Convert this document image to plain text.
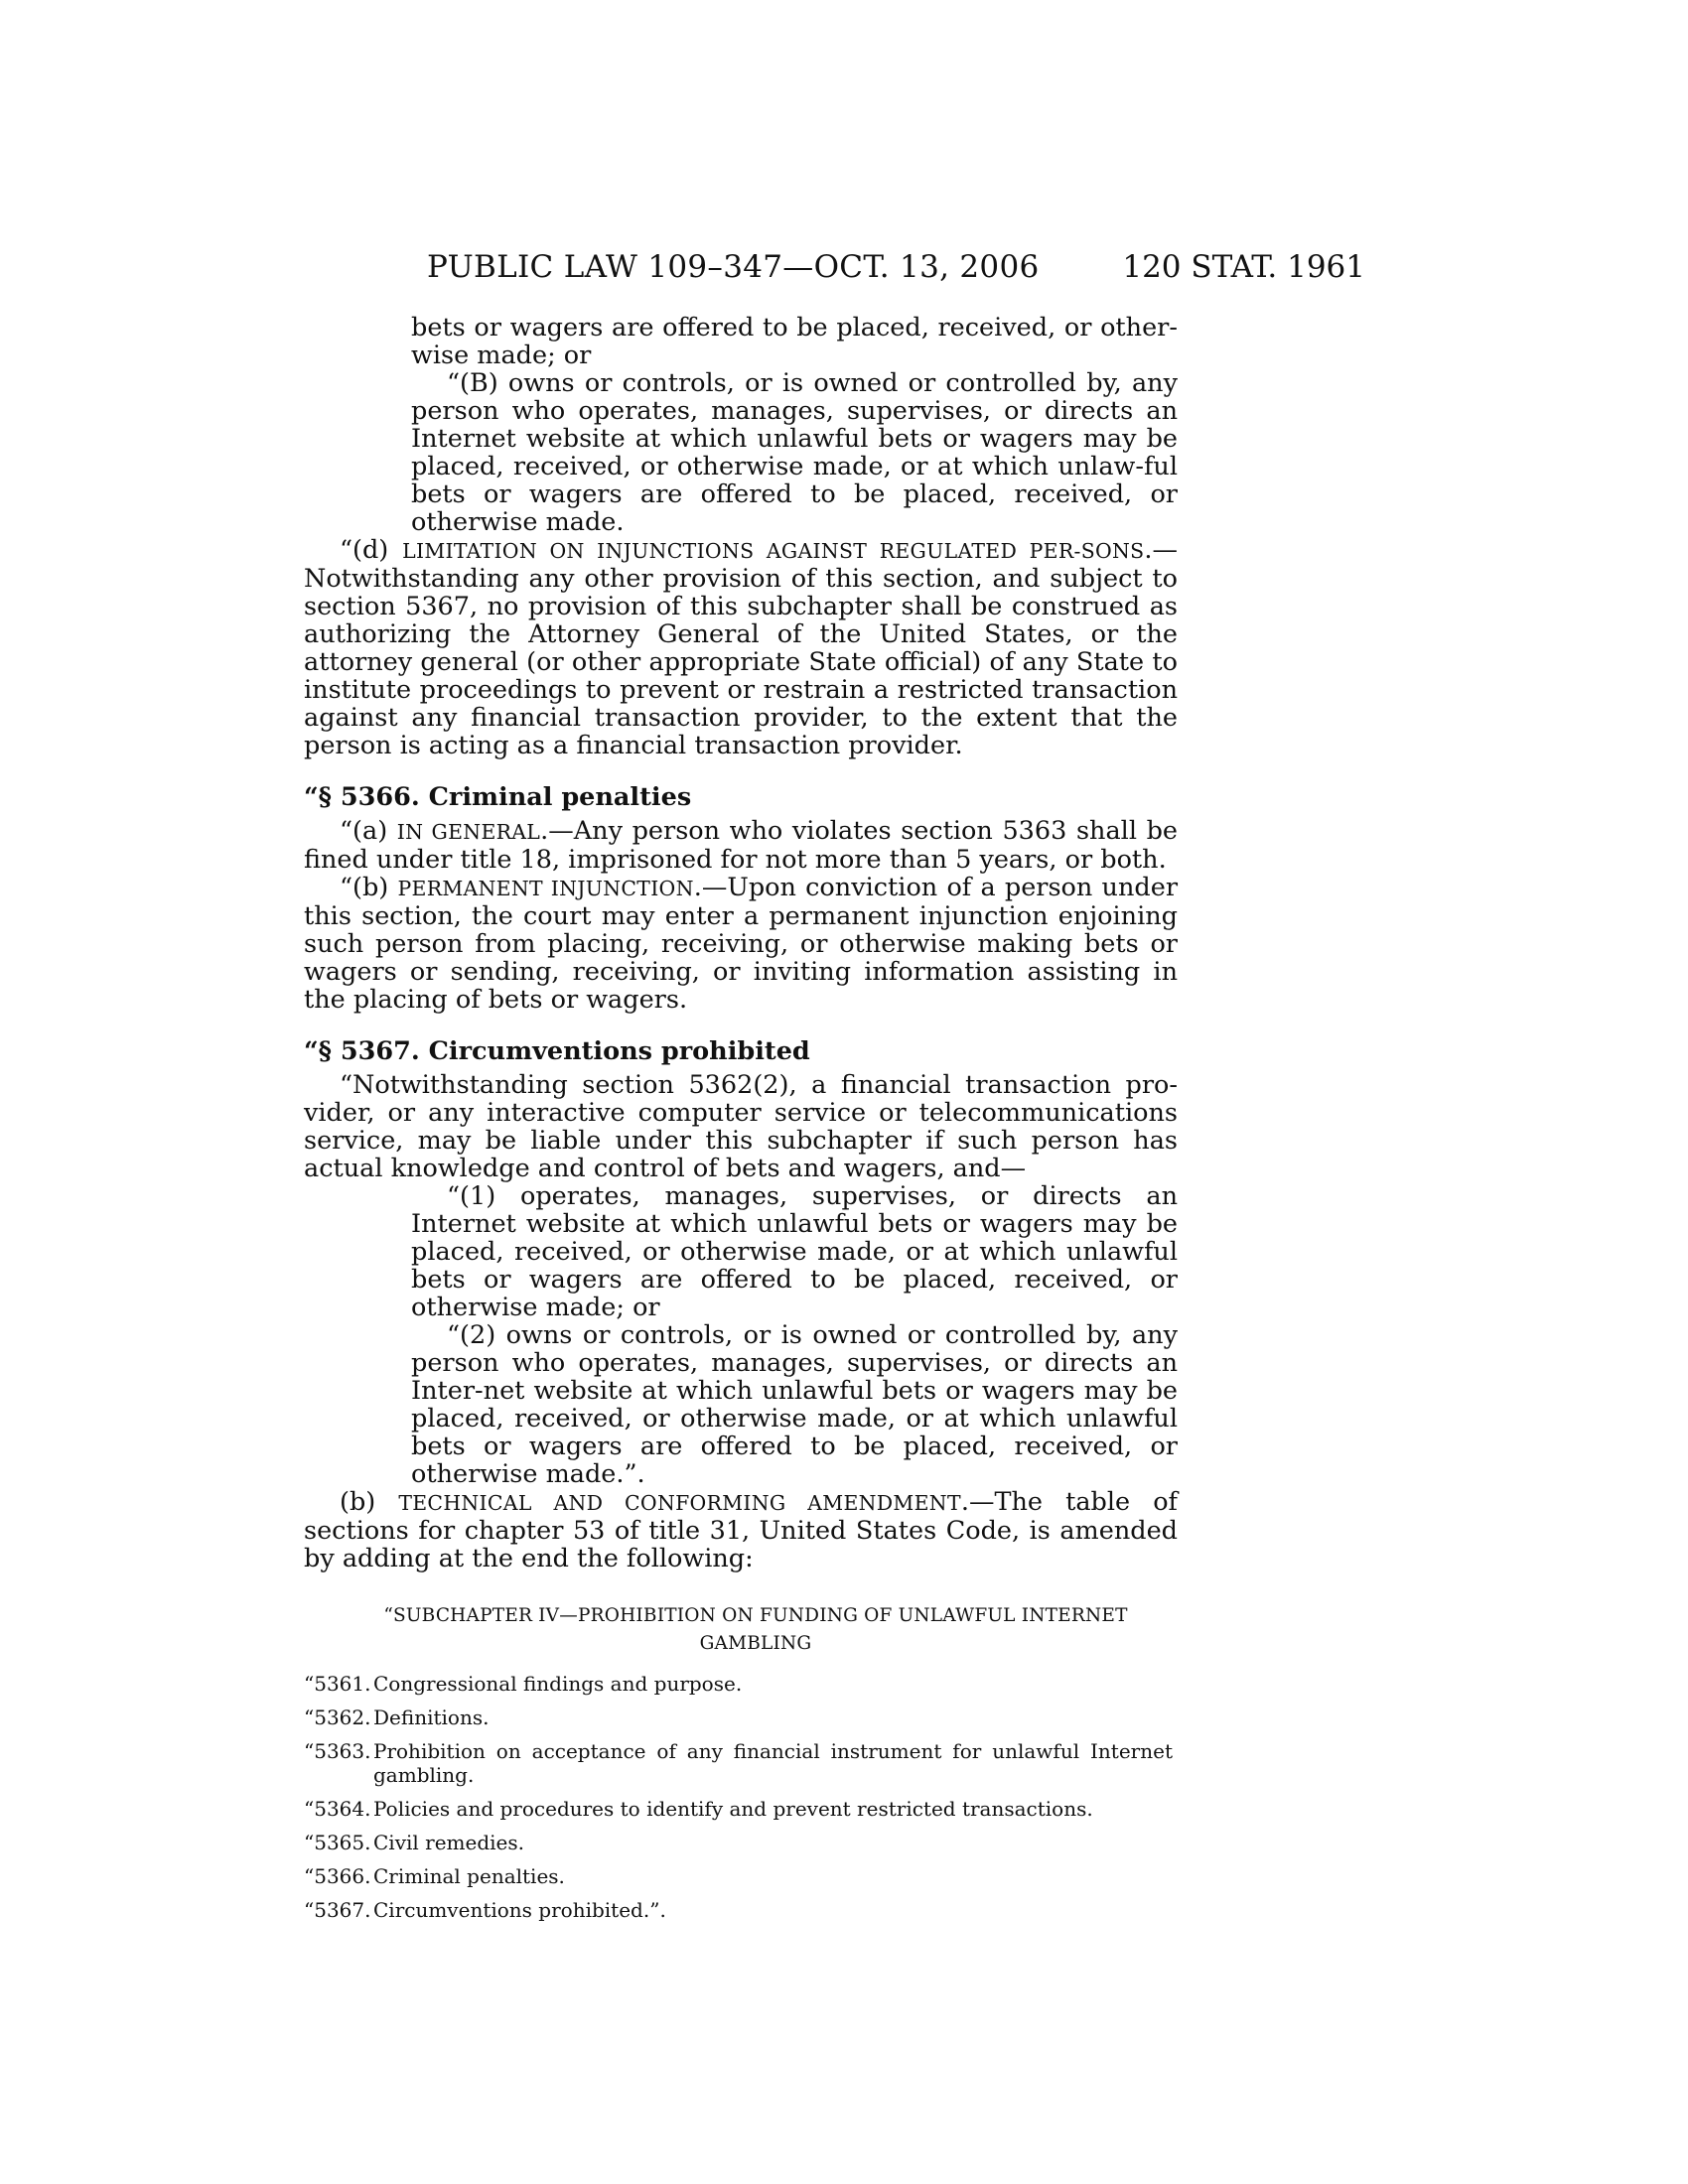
PUBLIC LAW 109–347—OCT. 13, 2006	120 STAT. 1961
bets or wagers are offered to be placed, received, or other-wise made; or
“(B) owns or controls, or is owned or controlled by, any person who operates, manages, supervises, or directs an Internet website at which unlawful bets or wagers may be placed, received, or otherwise made, or at which unlaw-ful bets or wagers are offered to be placed, received, or otherwise made.
“(d) LIMITATION ON INJUNCTIONS AGAINST REGULATED PER-SONS.—Notwithstanding any other provision of this section, and subject to section 5367, no provision of this subchapter shall be construed as authorizing the Attorney General of the United States, or the attorney general (or other appropriate State official) of any State to institute proceedings to prevent or restrain a restricted transaction against any financial transaction provider, to the extent that the person is acting as a financial transaction provider.
“§ 5366. Criminal penalties
“(a) IN GENERAL.—Any person who violates section 5363 shall be fined under title 18, imprisoned for not more than 5 years, or both.
“(b) PERMANENT INJUNCTION.—Upon conviction of a person under this section, the court may enter a permanent injunction enjoining such person from placing, receiving, or otherwise making bets or wagers or sending, receiving, or inviting information assisting in the placing of bets or wagers.
“§ 5367. Circumventions prohibited
“Notwithstanding section 5362(2), a financial transaction pro-vider, or any interactive computer service or telecommunications service, may be liable under this subchapter if such person has actual knowledge and control of bets and wagers, and—
“(1) operates, manages, supervises, or directs an Internet website at which unlawful bets or wagers may be placed, received, or otherwise made, or at which unlawful bets or wagers are offered to be placed, received, or otherwise made; or
“(2) owns or controls, or is owned or controlled by, any person who operates, manages, supervises, or directs an Inter-net website at which unlawful bets or wagers may be placed, received, or otherwise made, or at which unlawful bets or wagers are offered to be placed, received, or otherwise made.”.
(b) TECHNICAL AND CONFORMING AMENDMENT.—The table of sections for chapter 53 of title 31, United States Code, is amended by adding at the end the following:
“SUBCHAPTER IV—PROHIBITION ON FUNDING OF UNLAWFUL INTERNET GAMBLING
“5361. Congressional findings and purpose.
“5362. Definitions.
“5363. Prohibition on acceptance of any financial instrument for unlawful Internet gambling.
“5364. Policies and procedures to identify and prevent restricted transactions.
“5365. Civil remedies.
“5366. Criminal penalties.
“5367. Circumventions prohibited.”.
